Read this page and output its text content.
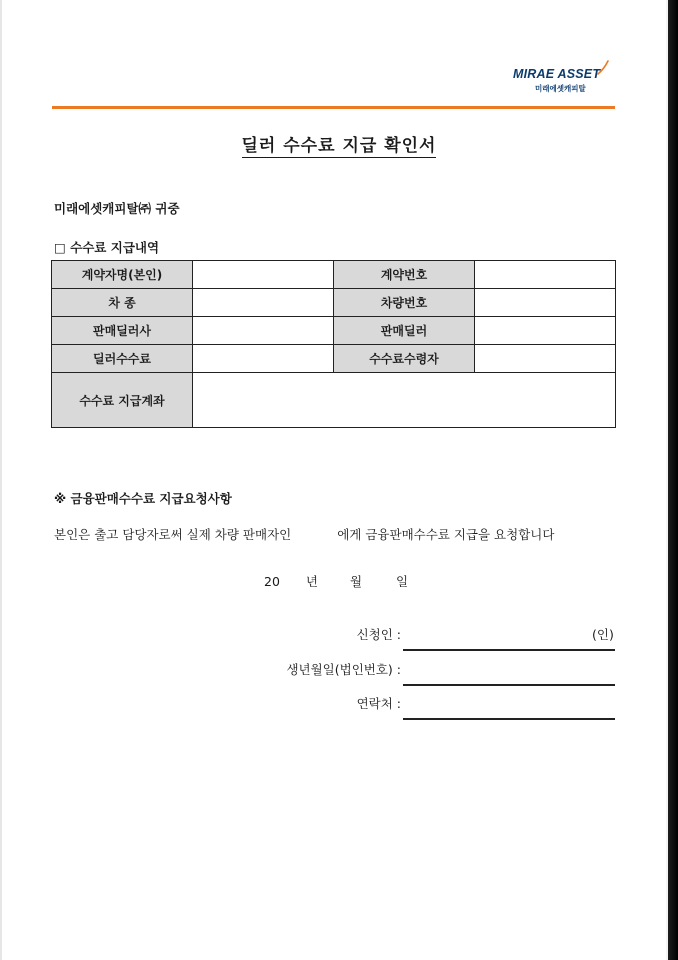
MIRAE ASSET
미래에셋캐피탈
딜러 수수료 지급 확인서
미래에셋캐피탈㈜ 귀중
□ 수수료 지급내역
계약자명(본인)		계약번호	
차 종		차량번호	
판매딜러사		판매딜러	
딜러수수료		수수료수령자	
수수료 지급계좌			
※ 금융판매수수료 지급요청사항
본인은 출고 담당자로써 실제 차량 판매자인	에게 금융판매수수료 지급을 요청합니다
20 년	월	일
신청인 :	(인)
생년월일(법인번호) :
연락처 :
